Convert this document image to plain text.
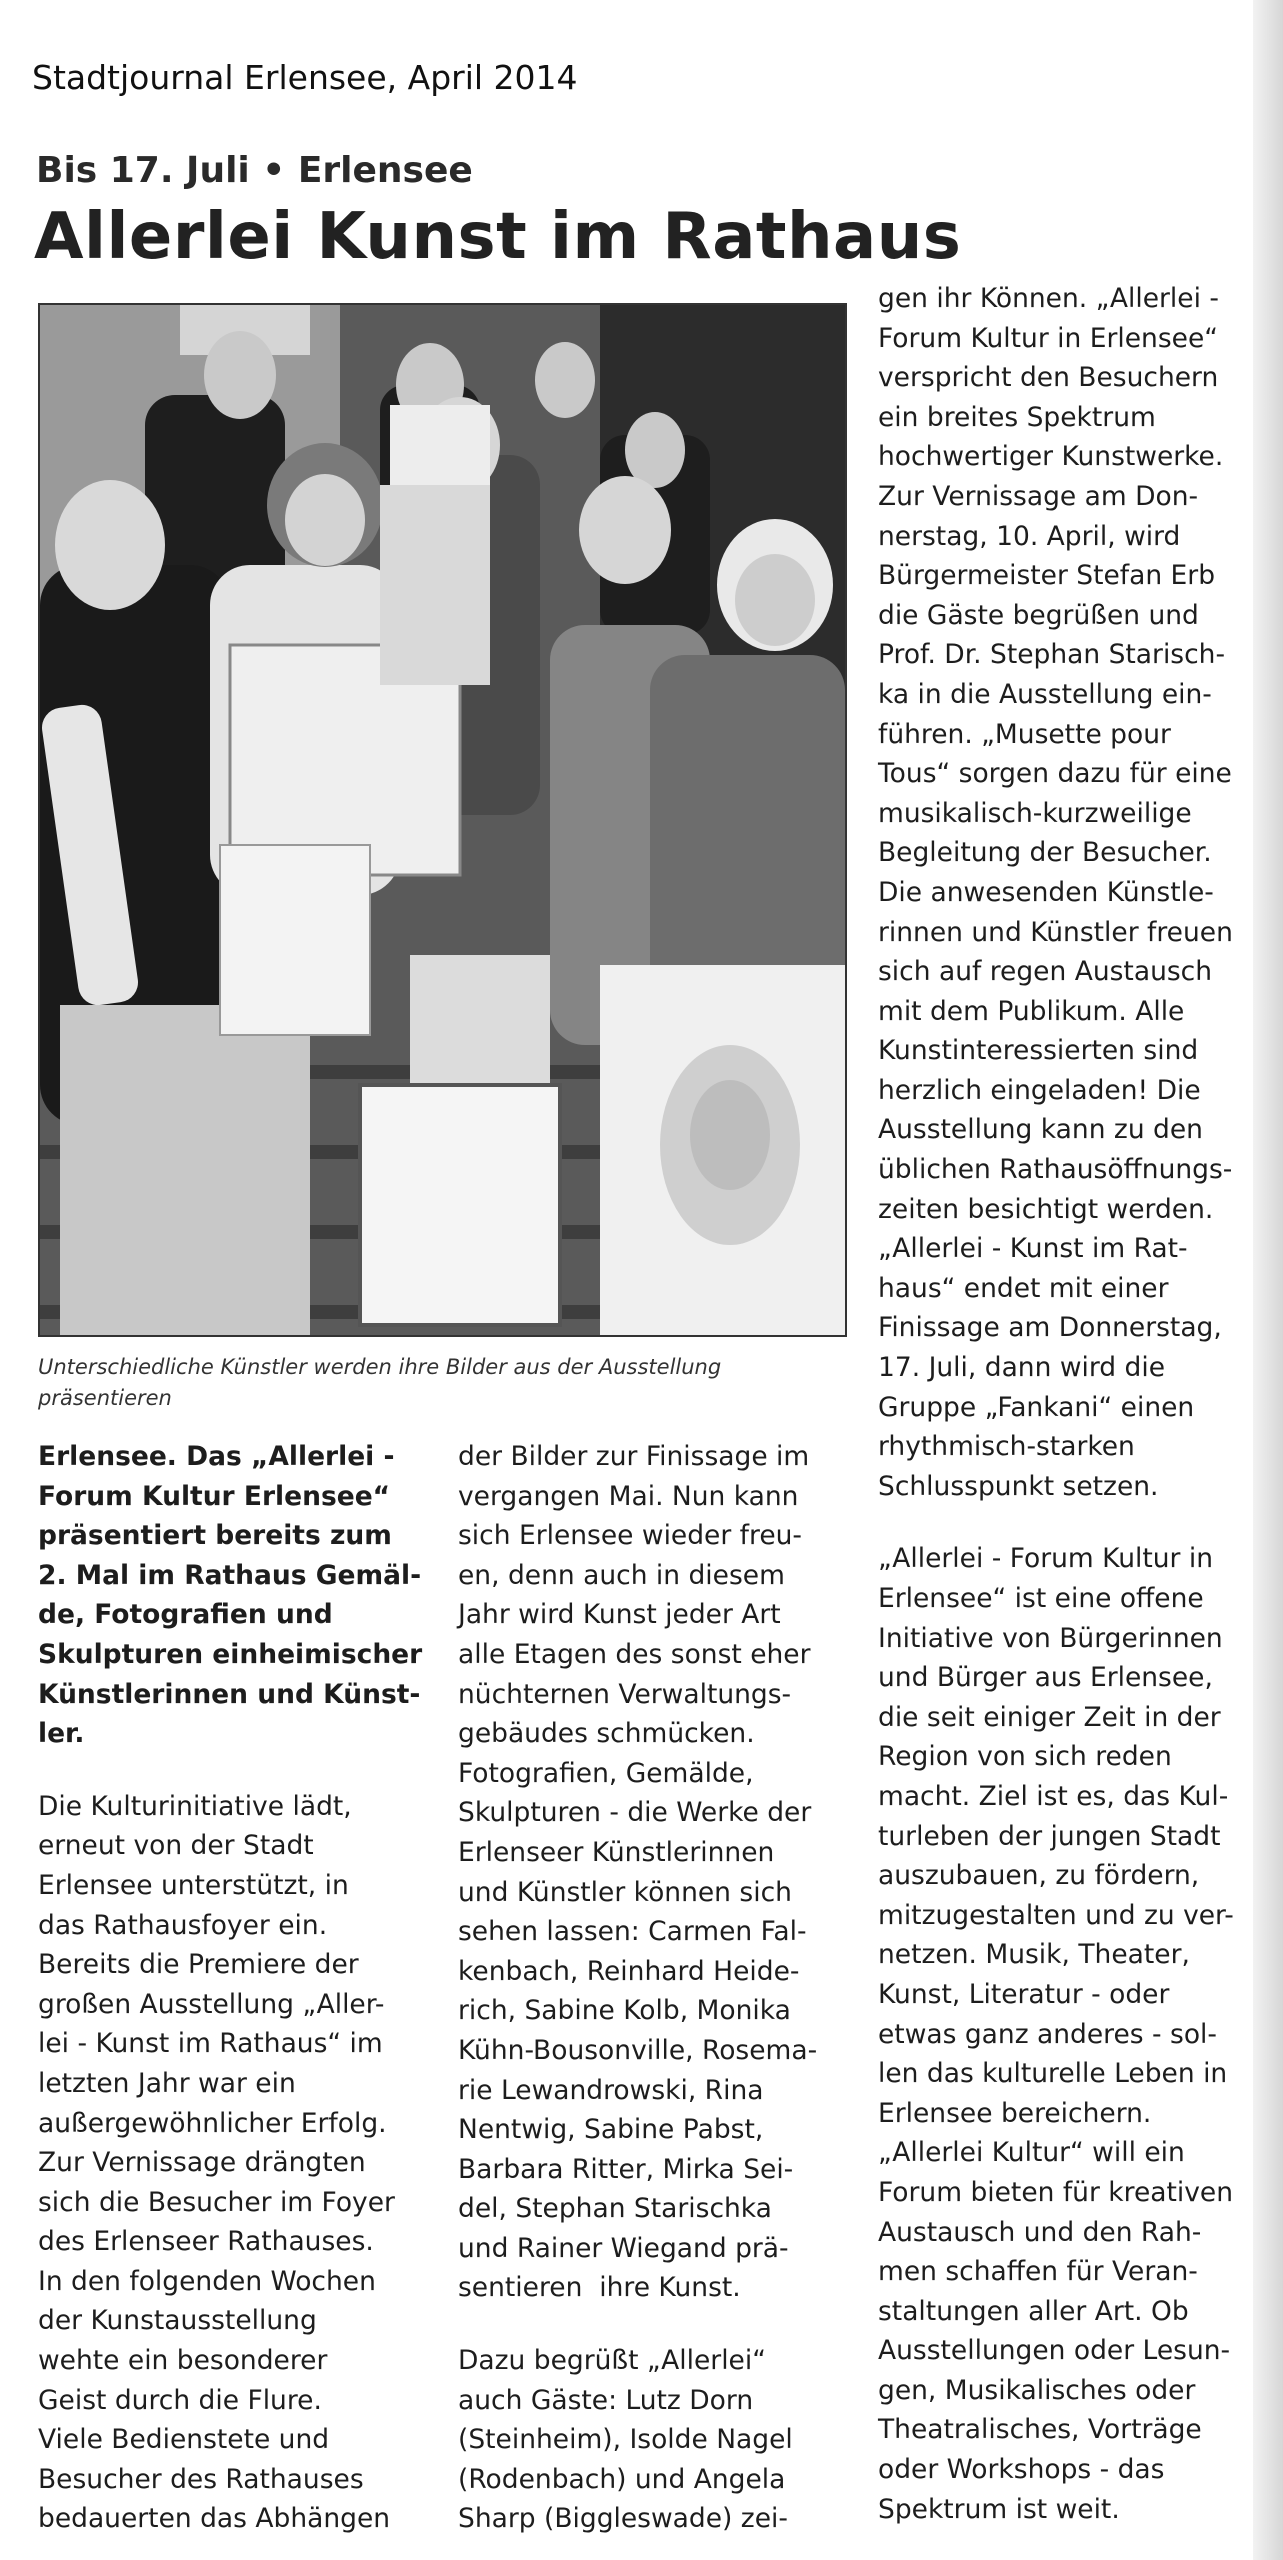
Stadtjournal Erlensee, April 2014
Bis 17. Juli • Erlensee
Allerlei Kunst im Rathaus
Unterschiedliche Künstler werden ihre Bilder aus der Ausstellung
präsentieren

Erlensee. Das „Allerlei -

Forum Kultur Erlensee“

präsentiert bereits zum

2. Mal im Rathaus Gemäl-

de, Fotografien und

Skulpturen einheimischer

Künstlerinnen und Künst-

ler.

Die Kulturinitiative lädt,

erneut von der Stadt

Erlensee unterstützt, in

das Rathausfoyer ein.

Bereits die Premiere der

großen Ausstellung „Aller-

lei - Kunst im Rathaus“ im

letzten Jahr war ein

außergewöhnlicher Erfolg.

Zur Vernissage drängten

sich die Besucher im Foyer

des Erlenseer Rathauses.

In den folgenden Wochen

der Kunstausstellung

wehte ein besonderer

Geist durch die Flure.

Viele Bedienstete und

Besucher des Rathauses

bedauerten das Abhängen

der Bilder zur Finissage im

vergangen Mai. Nun kann

sich Erlensee wieder freu-

en, denn auch in diesem

Jahr wird Kunst jeder Art

alle Etagen des sonst eher

nüchternen Verwaltungs-

gebäudes schmücken.

Fotografien, Gemälde,

Skulpturen - die Werke der

Erlenseer Künstlerinnen

und Künstler können sich

sehen lassen: Carmen Fal-

kenbach, Reinhard Heide-

rich, Sabine Kolb, Monika

Kühn-Bousonville, Rosema-

rie Lewandrowski, Rina

Nentwig, Sabine Pabst,

Barbara Ritter, Mirka Sei-

del, Stephan Starischka

und Rainer Wiegand prä-

sentieren  ihre Kunst.

Dazu begrüßt „Allerlei“

auch Gäste: Lutz Dorn

(Steinheim), Isolde Nagel

(Rodenbach) und Angela

Sharp (Biggleswade) zei-

gen ihr Können. „Allerlei -

Forum Kultur in Erlensee“

verspricht den Besuchern

ein breites Spektrum

hochwertiger Kunstwerke.

Zur Vernissage am Don-

nerstag, 10. April, wird

Bürgermeister Stefan Erb

die Gäste begrüßen und

Prof. Dr. Stephan Starisch-

ka in die Ausstellung ein-

führen. „Musette pour

Tous“ sorgen dazu für eine

musikalisch-kurzweilige

Begleitung der Besucher.

Die anwesenden Künstle-

rinnen und Künstler freuen

sich auf regen Austausch

mit dem Publikum. Alle

Kunstinteressierten sind

herzlich eingeladen! Die

Ausstellung kann zu den

üblichen Rathausöffnungs-

zeiten besichtigt werden.

„Allerlei - Kunst im Rat-

haus“ endet mit einer

Finissage am Donnerstag,

17. Juli, dann wird die

Gruppe „Fankani“ einen

rhythmisch-starken

Schlusspunkt setzen.

„Allerlei - Forum Kultur in

Erlensee“ ist eine offene

Initiative von Bürgerinnen

und Bürger aus Erlensee,

die seit einiger Zeit in der

Region von sich reden

macht. Ziel ist es, das Kul-

turleben der jungen Stadt

auszubauen, zu fördern,

mitzugestalten und zu ver-

netzen. Musik, Theater,

Kunst, Literatur - oder

etwas ganz anderes - sol-

len das kulturelle Leben in

Erlensee bereichern.

„Allerlei Kultur“ will ein

Forum bieten für kreativen

Austausch und den Rah-

men schaffen für Veran-

staltungen aller Art. Ob

Ausstellungen oder Lesun-

gen, Musikalisches oder

Theatralisches, Vorträge

oder Workshops - das

Spektrum ist weit.
